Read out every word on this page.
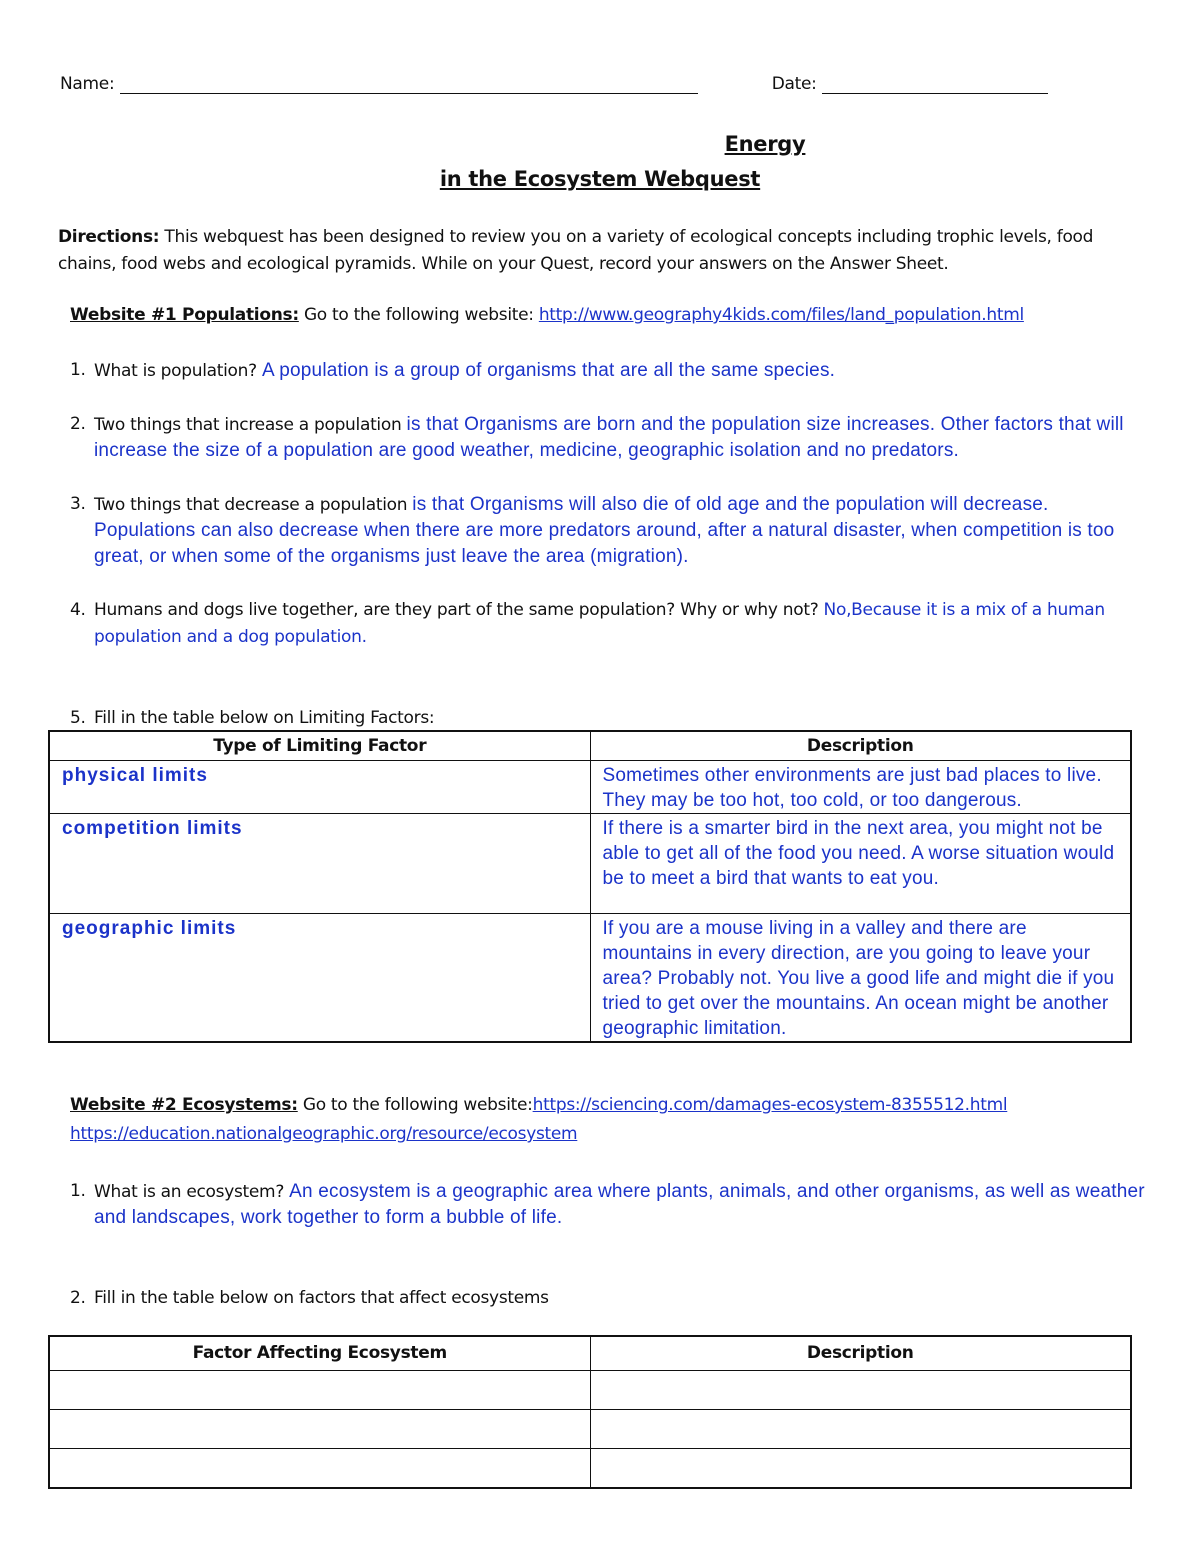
Name:	Date:
Energy
in the Ecosystem Webquest
Directions: This webquest has been designed to review you on a variety of ecological concepts including trophic levels, food chains, food webs and ecological pyramids. While on your Quest, record your answers on the Answer Sheet.
Website #1 Populations: Go to the following website: http://www.geography4kids.com/files/land_population.html
1. What is population? A population is a group of organisms that are all the same species.
2. Two things that increase a population is that Organisms are born and the population size increases. Other factors that will increase the size of a population are good weather, medicine, geographic isolation and no predators.
3. Two things that decrease a population is that Organisms will also die of old age and the population will decrease. Populations can also decrease when there are more predators around, after a natural disaster, when competition is too great, or when some of the organisms just leave the area (migration).
4. Humans and dogs live together, are they part of the same population? Why or why not? No,Because it is a mix of a human population and a dog population.
5. Fill in the table below on Limiting Factors:
Type of Limiting Factor	Description
physical limits	Sometimes other environments are just bad places to live. They may be too hot, too cold, or too dangerous.
competition limits	If there is a smarter bird in the next area, you might not be able to get all of the food you need. A worse situation would be to meet a bird that wants to eat you.
geographic limits	If you are a mouse living in a valley and there are mountains in every direction, are you going to leave your area? Probably not. You live a good life and might die if you tried to get over the mountains. An ocean might be another geographic limitation.
Website #2 Ecosystems: Go to the following website:https://sciencing.com/damages-ecosystem-8355512.html
https://education.nationalgeographic.org/resource/ecosystem
1. What is an ecosystem? An ecosystem is a geographic area where plants, animals, and other organisms, as well as weather and landscapes, work together to form a bubble of life.
2. Fill in the table below on factors that affect ecosystems
Factor Affecting Ecosystem	Description
